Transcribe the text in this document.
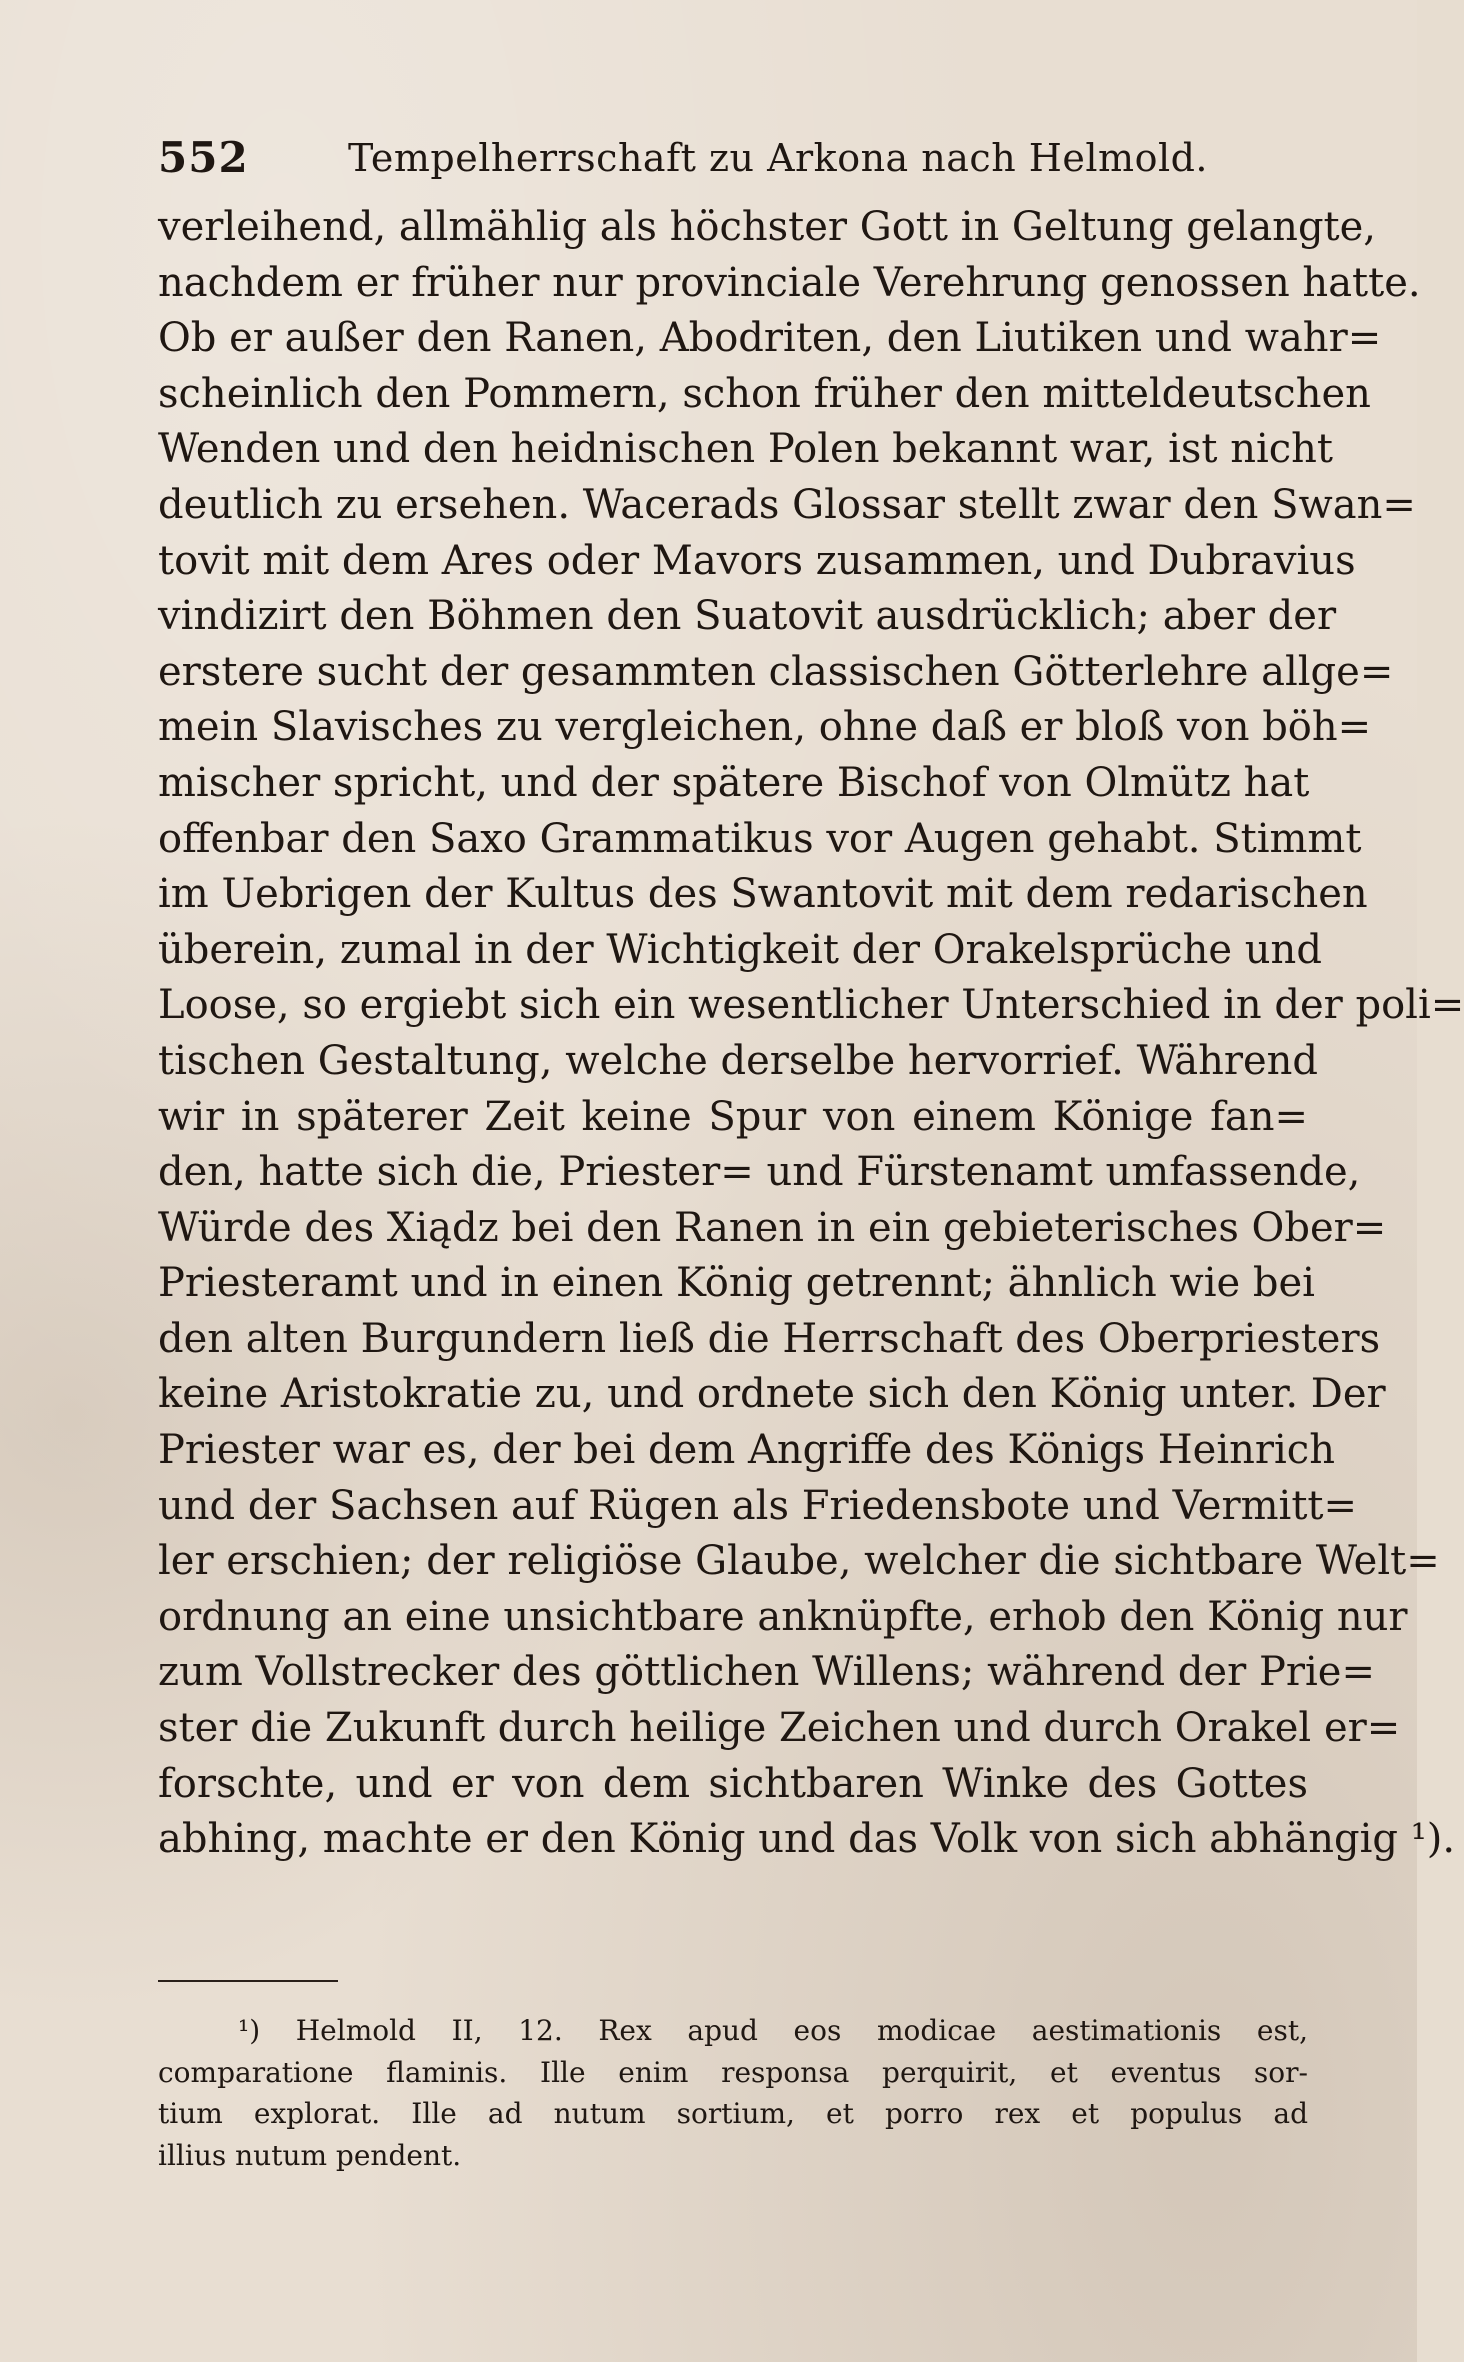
552	Tempelherrschaft zu Arkona nach Helmold.
verleihend, allmählig als höchster Gott in Geltung gelangte,
nachdem er früher nur provinciale Verehrung genossen hatte.
Ob er außer den Ranen, Abodriten, den Liutiken und wahr=
scheinlich den Pommern, schon früher den mitteldeutschen
Wenden und den heidnischen Polen bekannt war, ist nicht
deutlich zu ersehen. Wacerads Glossar stellt zwar den Swan=
tovit mit dem Ares oder Mavors zusammen, und Dubravius
vindizirt den Böhmen den Suatovit ausdrücklich; aber der
erstere sucht der gesammten classischen Götterlehre allge=
mein Slavisches zu vergleichen, ohne daß er bloß von böh=
mischer spricht, und der spätere Bischof von Olmütz hat
offenbar den Saxo Grammatikus vor Augen gehabt. Stimmt
im Uebrigen der Kultus des Swantovit mit dem redarischen
überein, zumal in der Wichtigkeit der Orakelsprüche und
Loose, so ergiebt sich ein wesentlicher Unterschied in der poli=
tischen Gestaltung, welche derselbe hervorrief. Während
wir in späterer Zeit keine Spur von einem Könige fan=
den, hatte sich die, Priester= und Fürstenamt umfassende,
Würde des Xiądz bei den Ranen in ein gebieterisches Ober=
Priesteramt und in einen König getrennt; ähnlich wie bei
den alten Burgundern ließ die Herrschaft des Oberpriesters
keine Aristokratie zu, und ordnete sich den König unter. Der
Priester war es, der bei dem Angriffe des Königs Heinrich
und der Sachsen auf Rügen als Friedensbote und Vermitt=
ler erschien; der religiöse Glaube, welcher die sichtbare Welt=
ordnung an eine unsichtbare anknüpfte, erhob den König nur
zum Vollstrecker des göttlichen Willens; während der Prie=
ster die Zukunft durch heilige Zeichen und durch Orakel er=
forschte, und er von dem sichtbaren Winke des Gottes
abhing, machte er den König und das Volk von sich abhängig ¹).
¹) Helmold II, 12. Rex apud eos modicae aestimationis est,
comparatione flaminis. Ille enim responsa perquirit, et eventus sor-
tium explorat. Ille ad nutum sortium, et porro rex et populus ad
illius nutum pendent.
